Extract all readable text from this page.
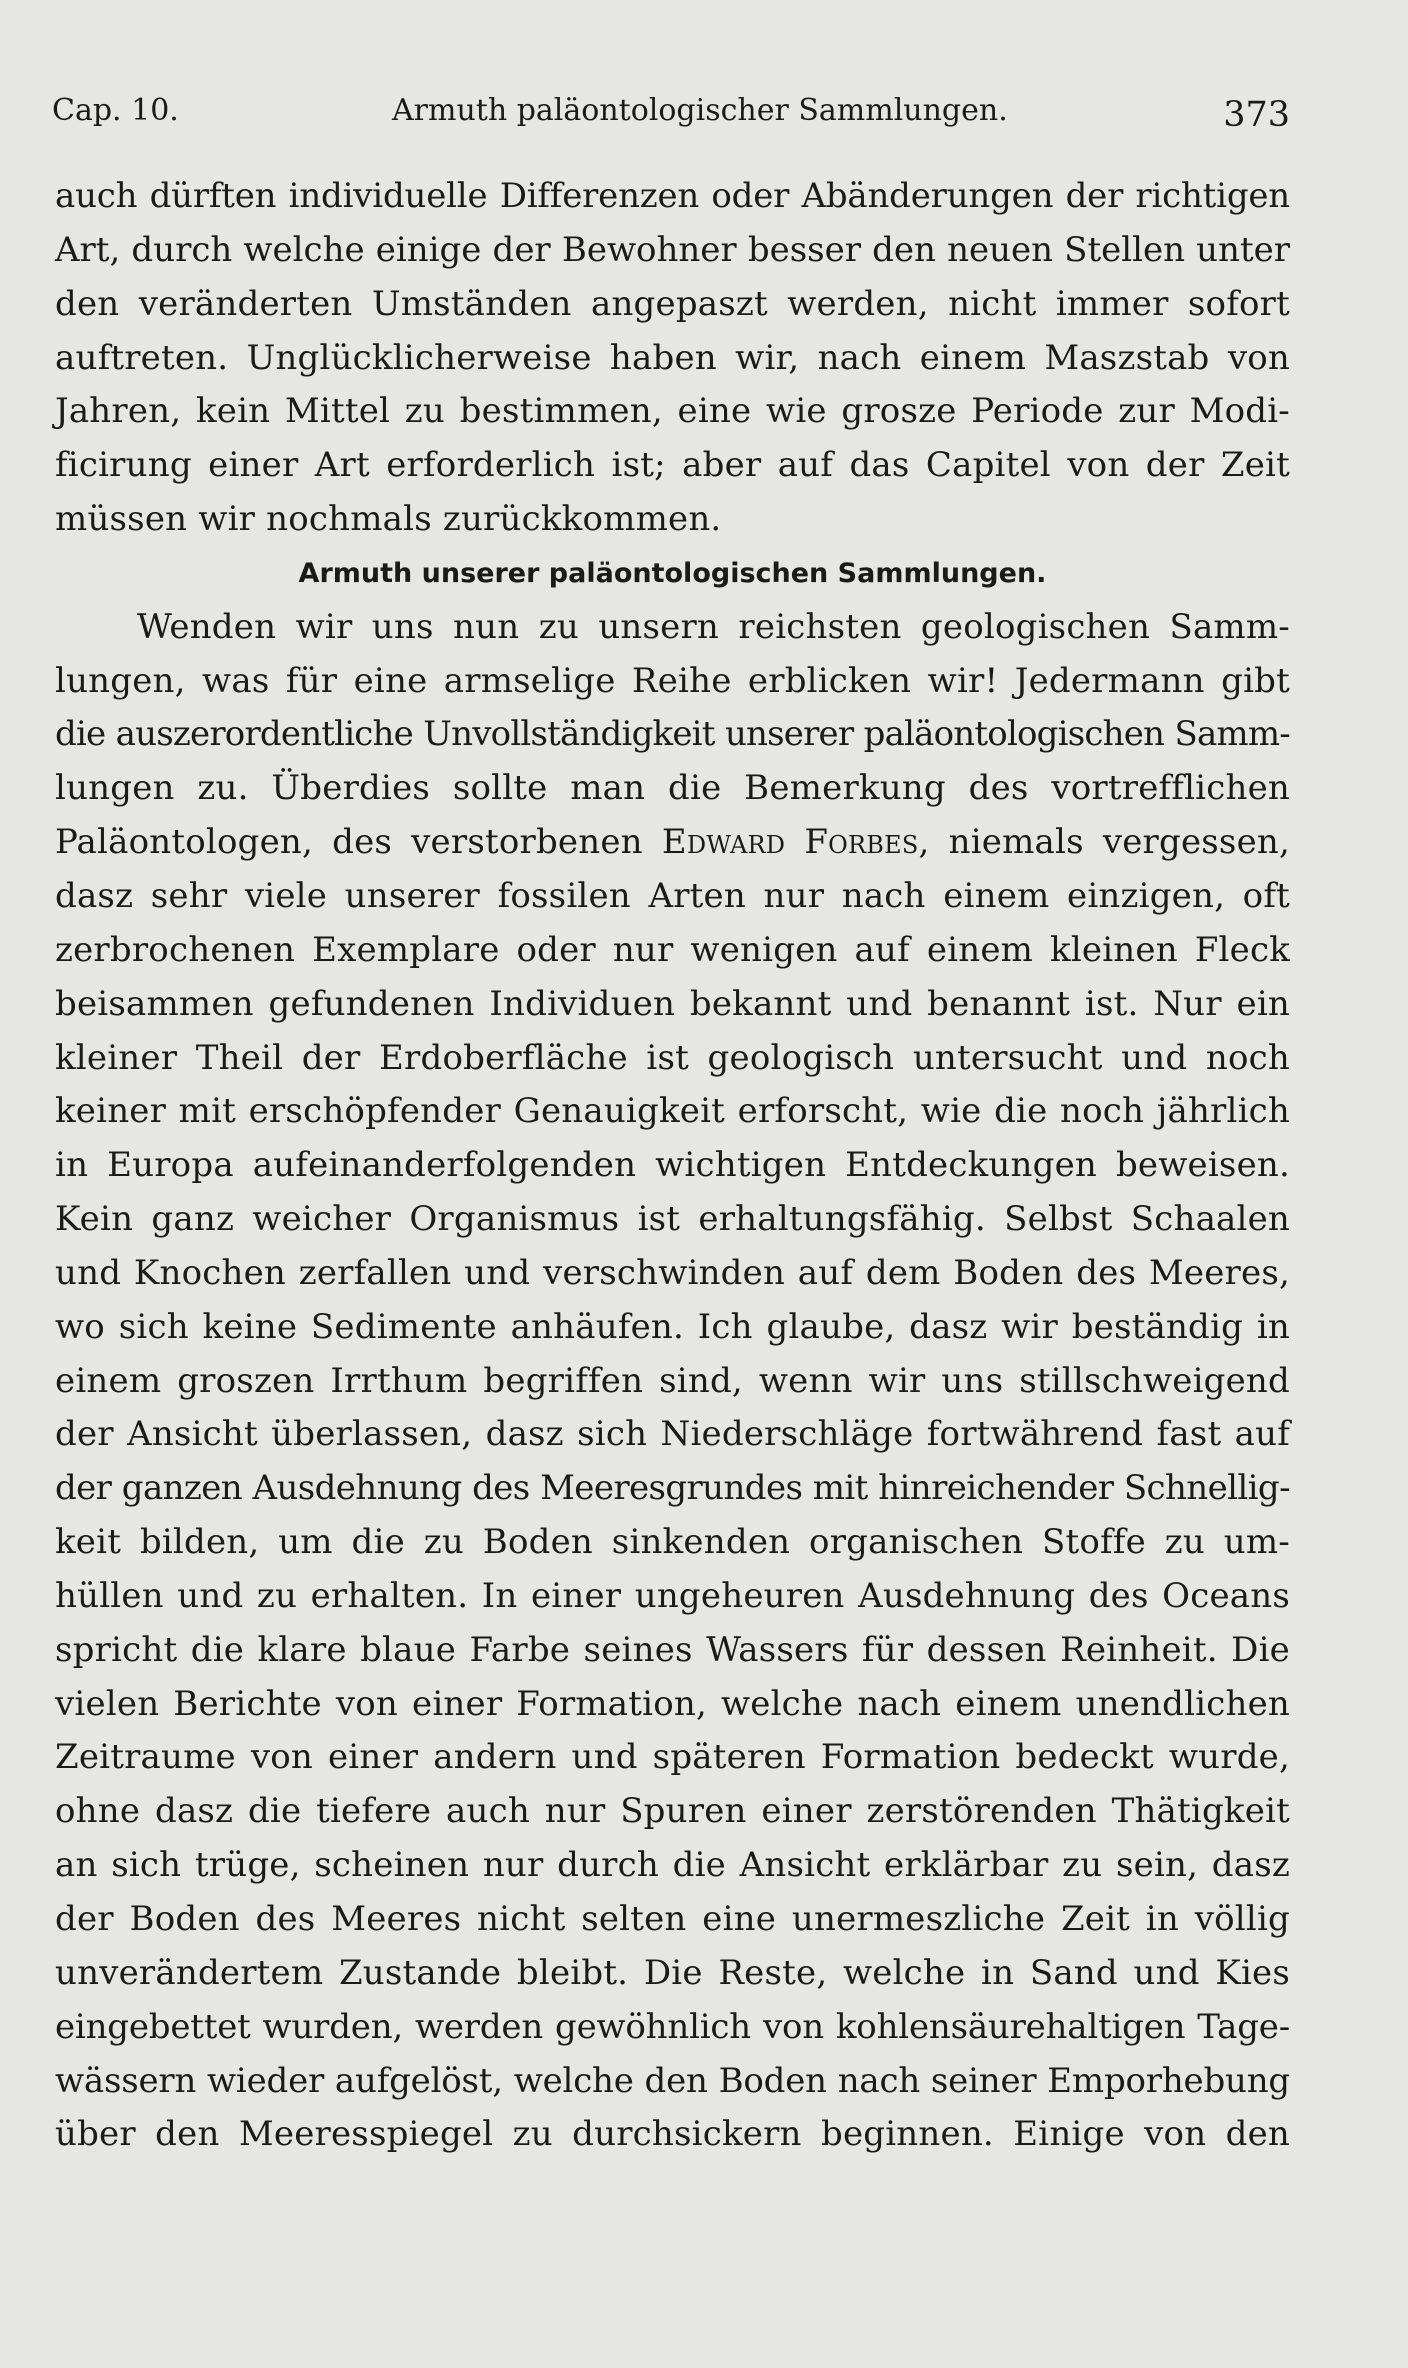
Cap. 10.	Armuth paläontologischer Sammlungen.	373
auch dürften individuelle Differenzen oder Abänderungen der richtigen
Art, durch welche einige der Bewohner besser den neuen Stellen unter
den veränderten Umständen angepaszt werden, nicht immer sofort
auftreten. Unglücklicherweise haben wir, nach einem Maszstab von
Jahren, kein Mittel zu bestimmen, eine wie grosze Periode zur Modi-
ficirung einer Art erforderlich ist; aber auf das Capitel von der Zeit
müssen wir nochmals zurückkommen.
Armuth unserer paläontologischen Sammlungen.
Wenden wir uns nun zu unsern reichsten geologischen Samm-
lungen, was für eine armselige Reihe erblicken wir! Jedermann gibt
die auszerordentliche Unvollständigkeit unserer paläontologischen Samm-
lungen zu. Überdies sollte man die Bemerkung des vortrefflichen
Paläontologen, des verstorbenen Edward Forbes, niemals vergessen,
dasz sehr viele unserer fossilen Arten nur nach einem einzigen, oft
zerbrochenen Exemplare oder nur wenigen auf einem kleinen Fleck
beisammen gefundenen Individuen bekannt und benannt ist. Nur ein
kleiner Theil der Erdoberfläche ist geologisch untersucht und noch
keiner mit erschöpfender Genauigkeit erforscht, wie die noch jährlich
in Europa aufeinanderfolgenden wichtigen Entdeckungen beweisen.
Kein ganz weicher Organismus ist erhaltungsfähig. Selbst Schaalen
und Knochen zerfallen und verschwinden auf dem Boden des Meeres,
wo sich keine Sedimente anhäufen. Ich glaube, dasz wir beständig in
einem groszen Irrthum begriffen sind, wenn wir uns stillschweigend
der Ansicht überlassen, dasz sich Niederschläge fortwährend fast auf
der ganzen Ausdehnung des Meeresgrundes mit hinreichender Schnellig-
keit bilden, um die zu Boden sinkenden organischen Stoffe zu um-
hüllen und zu erhalten. In einer ungeheuren Ausdehnung des Oceans
spricht die klare blaue Farbe seines Wassers für dessen Reinheit. Die
vielen Berichte von einer Formation, welche nach einem unendlichen
Zeitraume von einer andern und späteren Formation bedeckt wurde,
ohne dasz die tiefere auch nur Spuren einer zerstörenden Thätigkeit
an sich trüge, scheinen nur durch die Ansicht erklärbar zu sein, dasz
der Boden des Meeres nicht selten eine unermeszliche Zeit in völlig
unverändertem Zustande bleibt. Die Reste, welche in Sand und Kies
eingebettet wurden, werden gewöhnlich von kohlensäurehaltigen Tage-
wässern wieder aufgelöst, welche den Boden nach seiner Emporhebung
über den Meeresspiegel zu durchsickern beginnen. Einige von den
